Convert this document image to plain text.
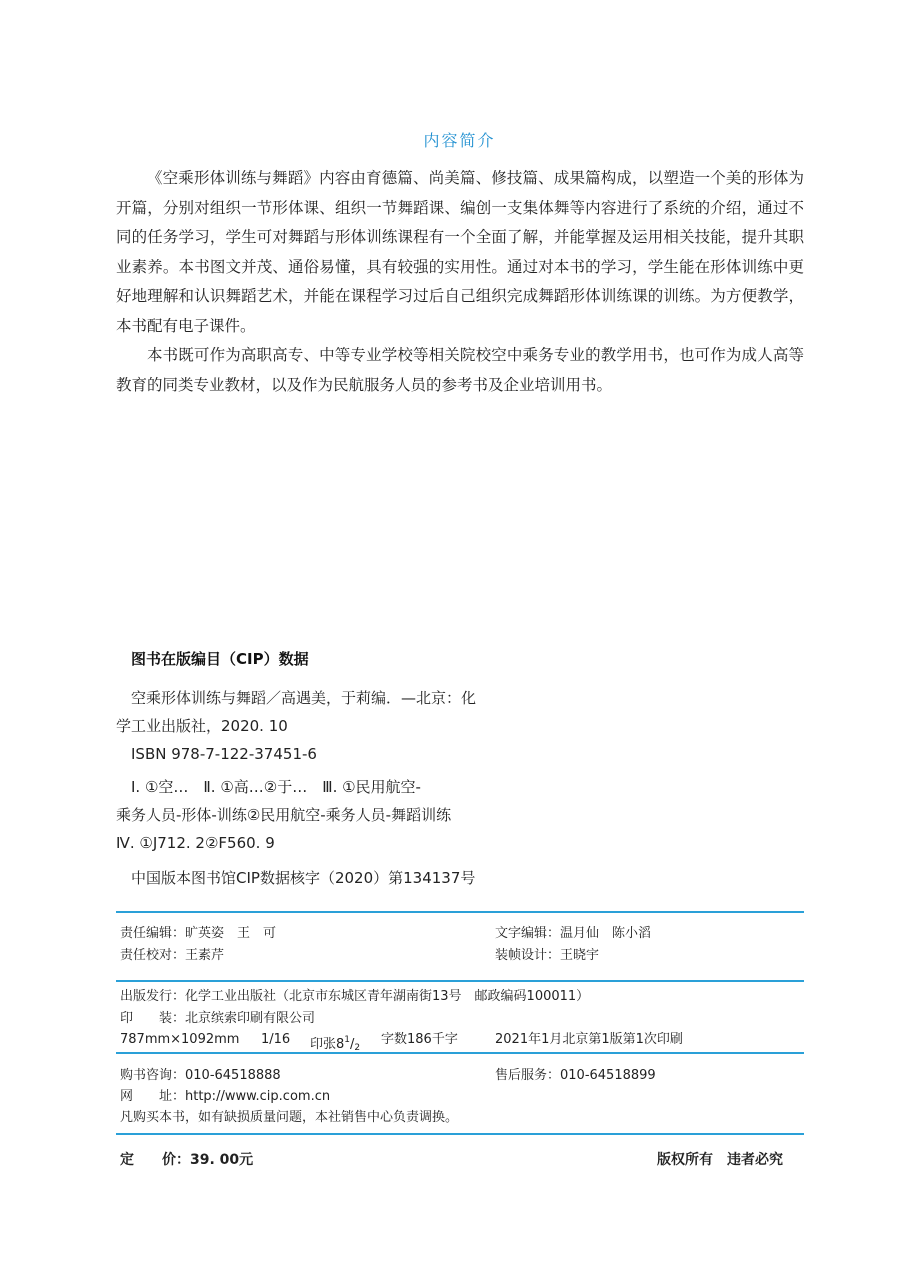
内容简介

《空乘形体训练与舞蹈》内容由育德篇、尚美篇、修技篇、成果篇构成，以塑造一个美的形体为开篇，分别对组织一节形体课、组织一节舞蹈课、编创一支集体舞等内容进行了系统的介绍，通过不同的任务学习，学生可对舞蹈与形体训练课程有一个全面了解，并能掌握及运用相关技能，提升其职业素养。本书图文并茂、通俗易懂，具有较强的实用性。通过对本书的学习，学生能在形体训练中更好地理解和认识舞蹈艺术，并能在课程学习过后自己组织完成舞蹈形体训练课的训练。为方便教学，本书配有电子课件。

本书既可作为高职高专、中等专业学校等相关院校空中乘务专业的教学用书，也可作为成人高等教育的同类专业教材，以及作为民航服务人员的参考书及企业培训用书。

图书在版编目（CIP）数据
空乘形体训练与舞蹈／高遇美，于莉编．—北京：化
学工业出版社，2020. 10
ISBN 978-7-122-37451-6
Ⅰ. ①空…　Ⅱ. ①高…②于…　Ⅲ. ①民用航空-
乘务人员-形体-训练②民用航空-乘务人员-舞蹈训练
Ⅳ. ①J712. 2②F560. 9
中国版本图书馆CIP数据核字（2020）第134137号
责任编辑：旷英姿　王　可	文字编辑：温月仙　陈小滔
责任校对：王素芹	装帧设计：王晓宇
出版发行：化学工业出版社（北京市东城区青年湖南街13号　邮政编码100011）
印　　装：北京缤索印刷有限公司
787mm×1092mm 1/16 印张$8^1/_2$
字数186千字	2021年1月北京第1版第1次印刷
购书咨询：010-64518888	售后服务：010-64518899
网　　址：http://www.cip.com.cn
凡购买本书，如有缺损质量问题，本社销售中心负责调换。
定　　价：39. 00元	版权所有　违者必究
